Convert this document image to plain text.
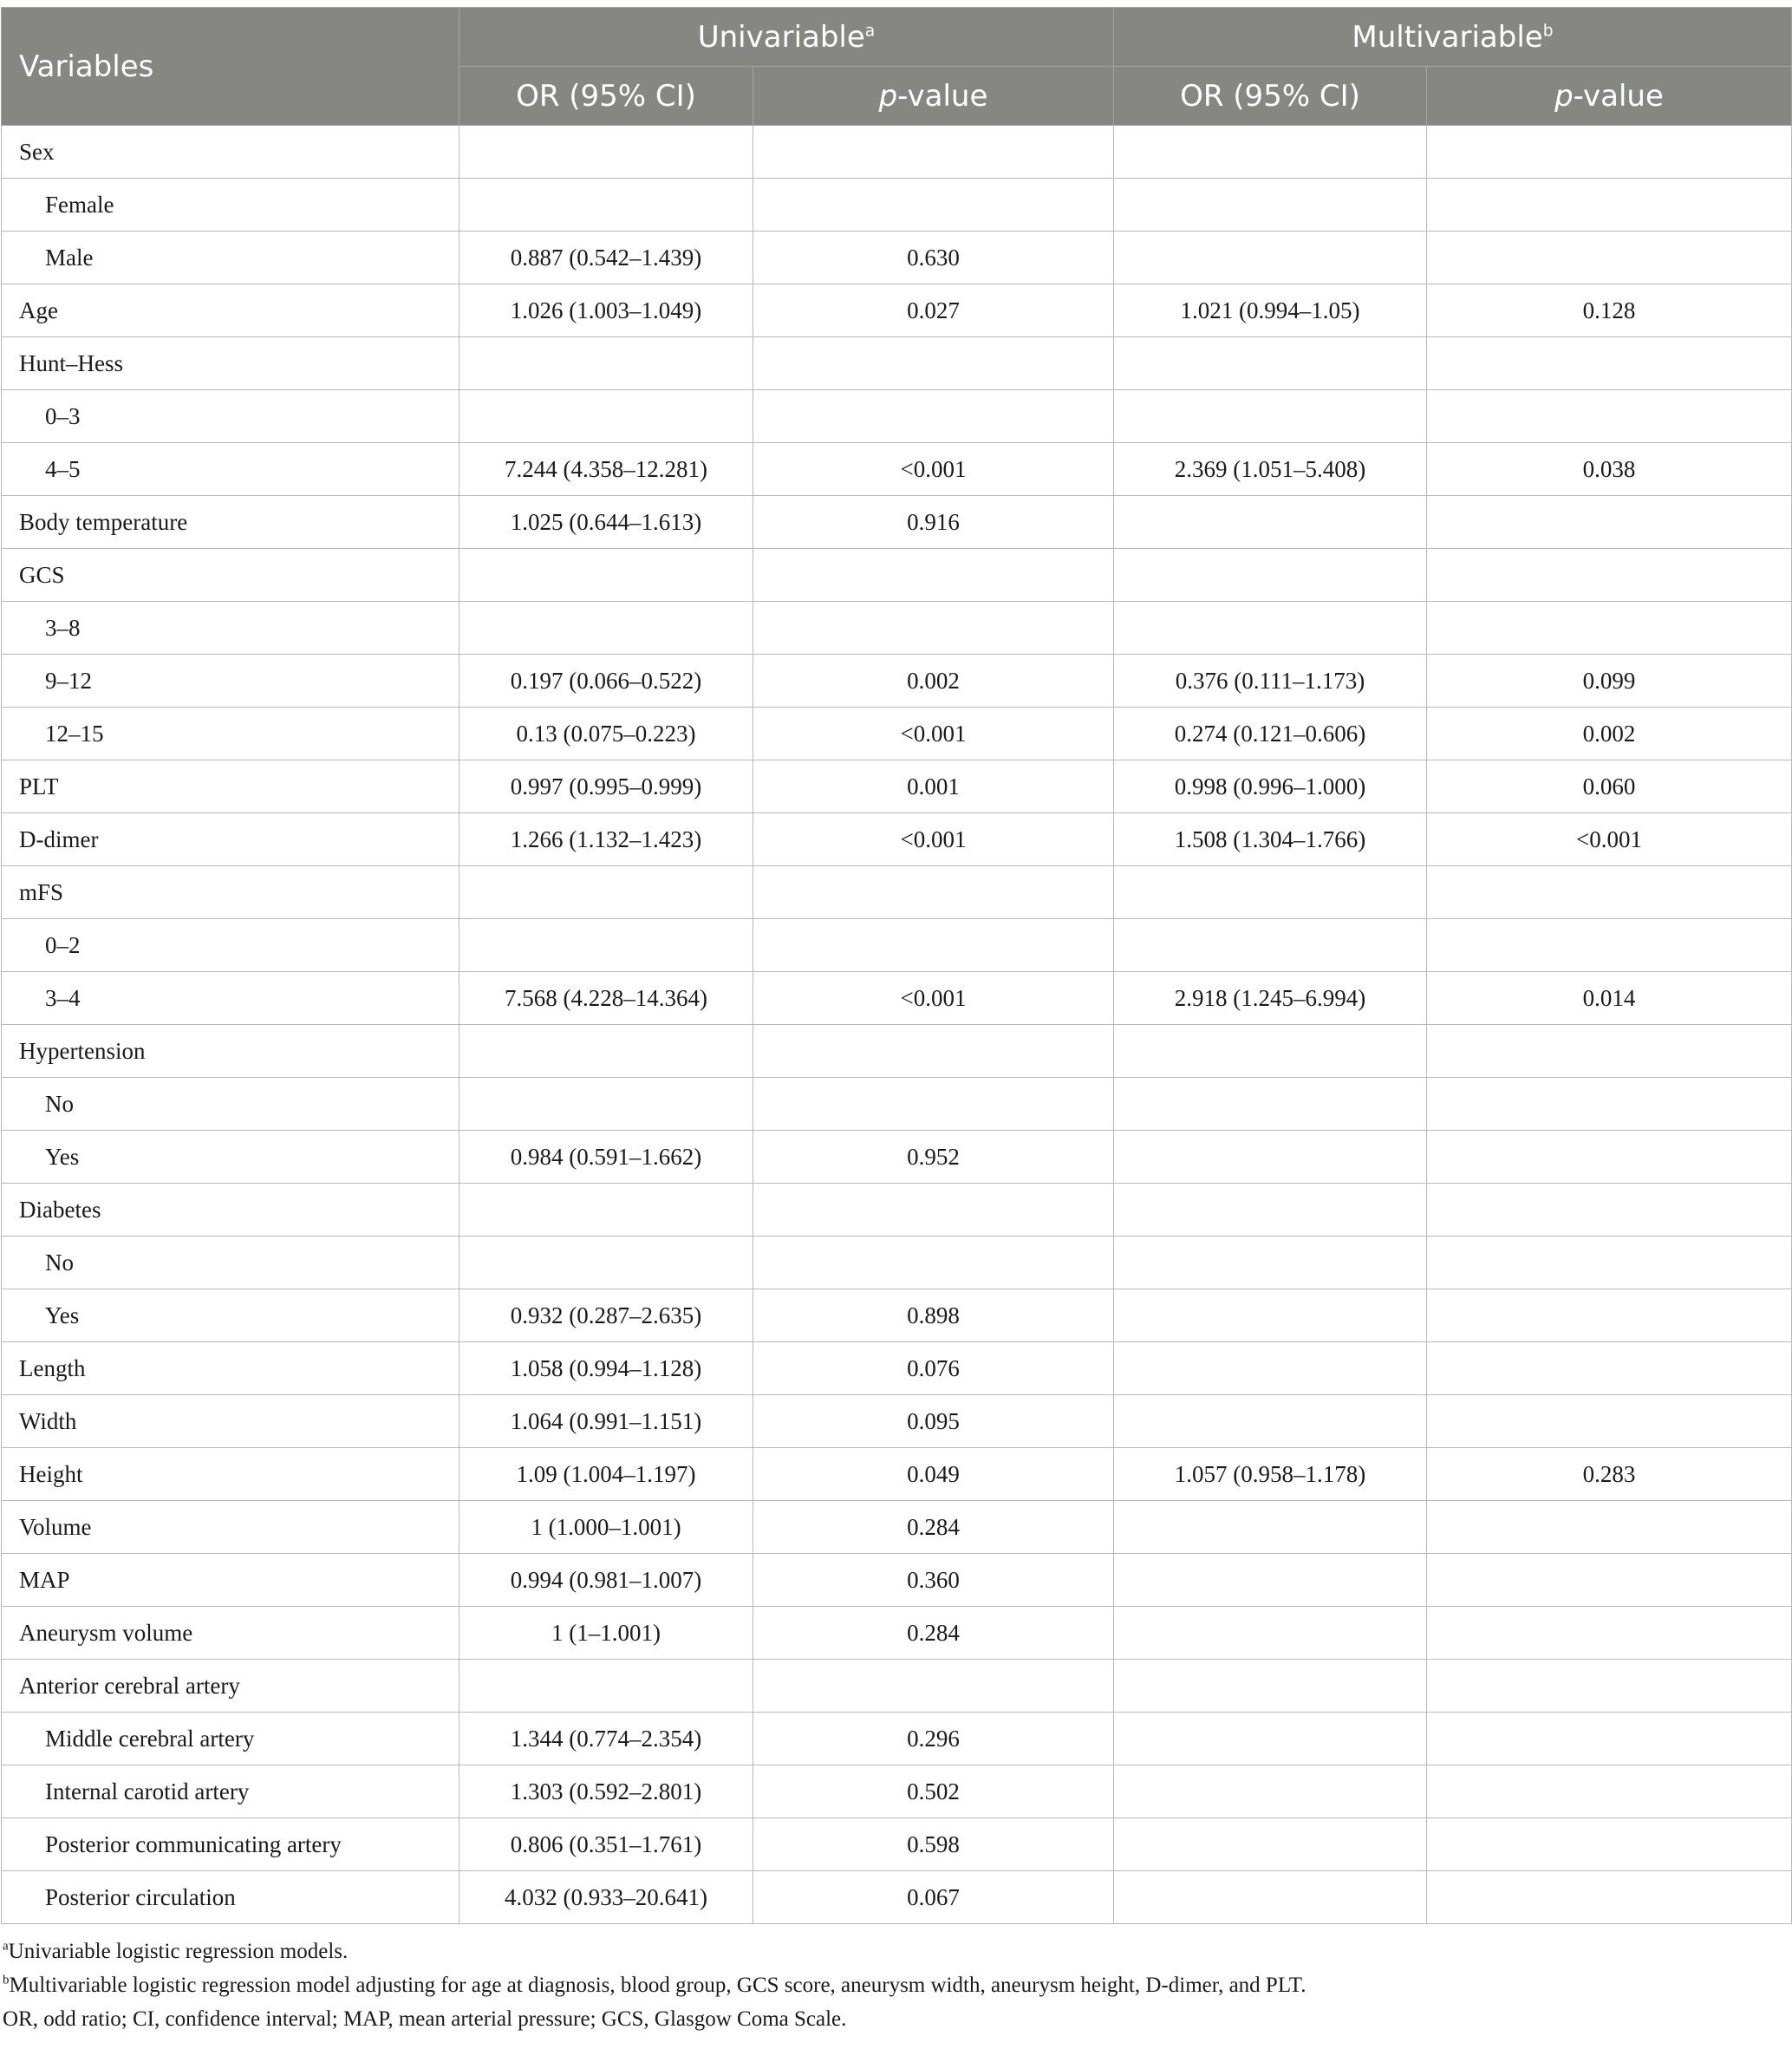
Variables	Univariable$^a$		Multivariable$^b$
	OR (95% CI)	p-value	OR (95% CI)	p-value
Sex				
Female				
Male	0.887 (0.542–1.439)	0.630		
Age	1.026 (1.003–1.049)	0.027	1.021 (0.994–1.05)	0.128
Hunt–Hess				
0–3				
4–5	7.244 (4.358–12.281)	<0.001	2.369 (1.051–5.408)	0.038
Body temperature	1.025 (0.644–1.613)	0.916		
GCS				
3–8				
9–12	0.197 (0.066–0.522)	0.002	0.376 (0.111–1.173)	0.099
12–15	0.13 (0.075–0.223)	<0.001	0.274 (0.121–0.606)	0.002
PLT	0.997 (0.995–0.999)	0.001	0.998 (0.996–1.000)	0.060
D-dimer	1.266 (1.132–1.423)	<0.001	1.508 (1.304–1.766)	<0.001
mFS				
0–2				
3–4	7.568 (4.228–14.364)	<0.001	2.918 (1.245–6.994)	0.014
Hypertension				
No				
Yes	0.984 (0.591–1.662)	0.952		
Diabetes				
No				
Yes	0.932 (0.287–2.635)	0.898		
Length	1.058 (0.994–1.128)	0.076		
Width	1.064 (0.991–1.151)	0.095		
Height	1.09 (1.004–1.197)	0.049	1.057 (0.958–1.178)	0.283
Volume	1 (1.000–1.001)	0.284		
MAP	0.994 (0.981–1.007)	0.360		
Aneurysm volume	1 (1–1.001)	0.284		
Anterior cerebral artery				
Middle cerebral artery	1.344 (0.774–2.354)	0.296		
Internal carotid artery	1.303 (0.592–2.801)	0.502		
Posterior communicating artery	0.806 (0.351–1.761)	0.598		
Posterior circulation	4.032 (0.933–20.641)	0.067		
$^a$Univariable logistic regression models.
$^b$Multivariable logistic regression model adjusting for age at diagnosis, blood group, GCS score, aneurysm width, aneurysm height, D-dimer, and PLT.
OR, odd ratio; CI, confidence interval; MAP, mean arterial pressure; GCS, Glasgow Coma Scale.
